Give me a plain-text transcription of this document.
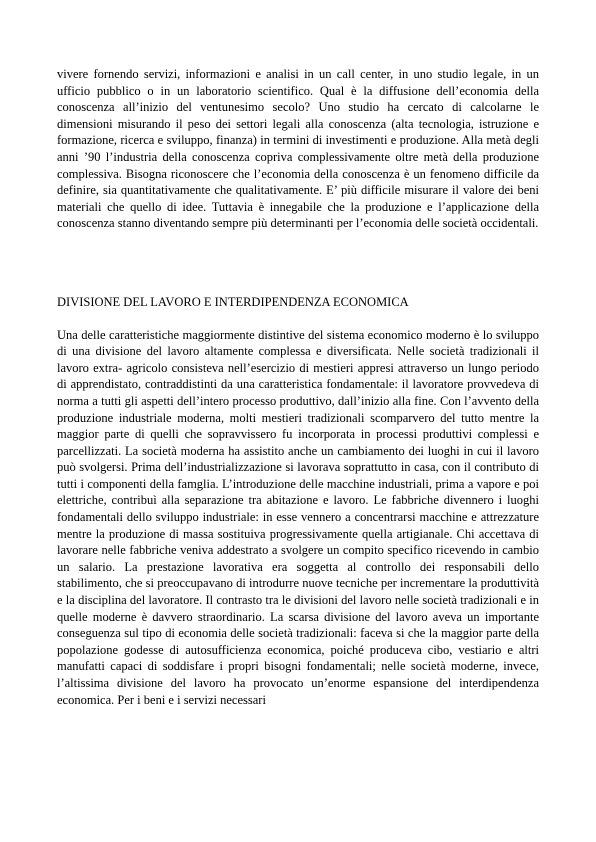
vivere fornendo servizi, informazioni e analisi in un call center, in uno studio legale, in un ufficio pubblico o in un laboratorio scientifico. Qual è la diffusione dell’economia della conoscenza all’inizio del ventunesimo secolo? Uno studio ha cercato di calcolarne le dimensioni misurando il peso dei settori legali alla conoscenza (alta tecnologia, istruzione e formazione, ricerca e sviluppo, finanza) in termini di investimenti e produzione. Alla metà degli anni ’90 l’industria della conoscenza copriva complessivamente oltre metà della produzione complessiva. Bisogna riconoscere che l’economia della conoscenza è un fenomeno difficile da definire, sia quantitativamente che qualitativamente. E’ più difficile misurare il valore dei beni materiali che quello di idee. Tuttavia è innegabile che la produzione e l’applicazione della conoscenza stanno diventando sempre più determinanti per l’economia delle società occidentali.

DIVISIONE DEL LAVORO E INTERDIPENDENZA ECONOMICA

Una delle caratteristiche maggiormente distintive del sistema economico moderno è lo sviluppo di una divisione del lavoro altamente complessa e diversificata. Nelle società tradizionali il lavoro extra- agricolo consisteva nell’esercizio di mestieri appresi attraverso un lungo periodo di apprendistato, contraddistinti da una caratteristica fondamentale: il lavoratore provvedeva di norma a tutti gli aspetti dell’intero processo produttivo, dall’inizio alla fine. Con l’avvento della produzione industriale moderna, molti mestieri tradizionali scomparvero del tutto mentre la maggior parte di quelli che sopravvissero fu incorporata in processi produttivi complessi e parcellizzati. La società moderna ha assistito anche un cambiamento dei luoghi in cui il lavoro può svolgersi. Prima dell’industrializzazione si lavorava soprattutto in casa, con il contributo di tutti i componenti della famglia. L’introduzione delle macchine industriali, prima a vapore e poi elettriche, contribuì alla separazione tra abitazione e lavoro. Le fabbriche divennero i luoghi fondamentali dello sviluppo industriale: in esse vennero a concentrarsi macchine e attrezzature mentre la produzione di massa sostituiva progressivamente quella artigianale. Chi accettava di lavorare nelle fabbriche veniva addestrato a svolgere un compito specifico ricevendo in cambio un salario. La prestazione lavorativa era soggetta al controllo dei responsabili dello stabilimento, che si preoccupavano di introdurre nuove tecniche per incrementare la produttività e la disciplina del lavoratore. Il contrasto tra le divisioni del lavoro nelle società tradizionali e in quelle moderne è davvero straordinario. La scarsa divisione del lavoro aveva un importante conseguenza sul tipo di economia delle società tradizionali: faceva si che la maggior parte della popolazione godesse di autosufficienza economica, poiché produceva cibo, vestiario e altri manufatti capaci di soddisfare i propri bisogni fondamentali; nelle società moderne, invece, l’altissima divisione del lavoro ha provocato un’enorme espansione del interdipendenza economica. Per i beni e i servizi necessari
